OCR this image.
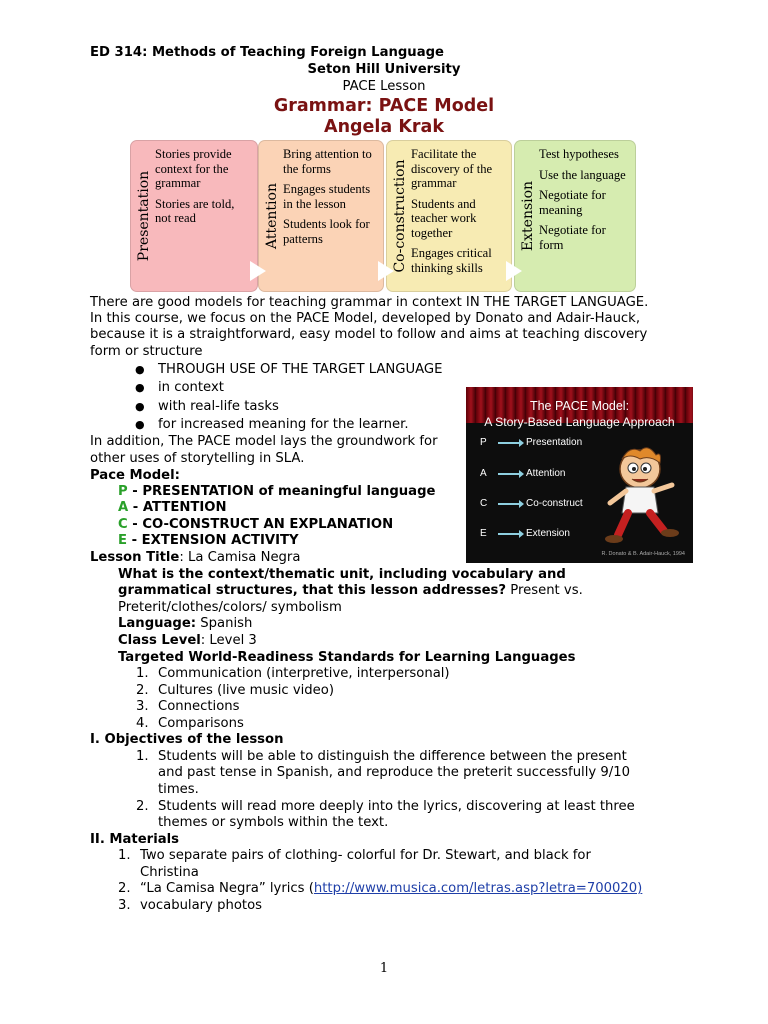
ED 314: Methods of Teaching Foreign Language
Seton Hill University
PACE Lesson
Grammar: PACE Model
Angela Krak
Presentation
Stories provide context for the grammar
Stories are told, not read	Attention
Bring attention to the forms
Engages students in the lesson
Students look for patterns	Co-construction
Facilitate the discovery of the grammar
Students and teacher work together
Engages critical thinking skills
Extension
Test hypotheses
Use the language
Negotiate for meaning
Negotiate for form
There are good models for teaching grammar in context IN THE TARGET LANGUAGE.
In this course, we focus on the PACE Model, developed by Donato and Adair-Hauck,
because it is a straightforward, easy model to follow and aims at teaching discovery
form or structure
● THROUGH USE OF THE TARGET LANGUAGE
● in context
● with real-life tasks
● for increased meaning for the learner.
In addition, The PACE model lays the groundwork for
other uses of storytelling in SLA.
The PACE Model:
A Story-Based Language Approach
P	Presentation
A	Attention
C	Co-construct
E	Extension
R. Donato & B. Adair-Hauck, 1994
Pace Model:
P - PRESENTATION of meaningful language
A - ATTENTION
C - CO-CONSTRUCT AN EXPLANATION
E - EXTENSION ACTIVITY
Lesson Title: La Camisa Negra
What is the context/thematic unit, including vocabulary and
grammatical structures, that this lesson addresses? Present vs.
Preterit/clothes/colors/ symbolism
Language: Spanish
Class Level: Level 3
Targeted World-Readiness Standards for Learning Languages
1. Communication (interpretive, interpersonal)
2. Cultures (live music video)
3. Connections
4. Comparisons
I. Objectives of the lesson
1. Students will be able to distinguish the difference between the present
and past tense in Spanish, and reproduce the preterit successfully 9/10
times.
2. Students will read more deeply into the lyrics, discovering at least three
themes or symbols within the text.
II. Materials
1. Two separate pairs of clothing- colorful for Dr. Stewart, and black for
Christina
2. “La Camisa Negra” lyrics (http://www.musica.com/letras.asp?letra=700020)
3. vocabulary photos
1
